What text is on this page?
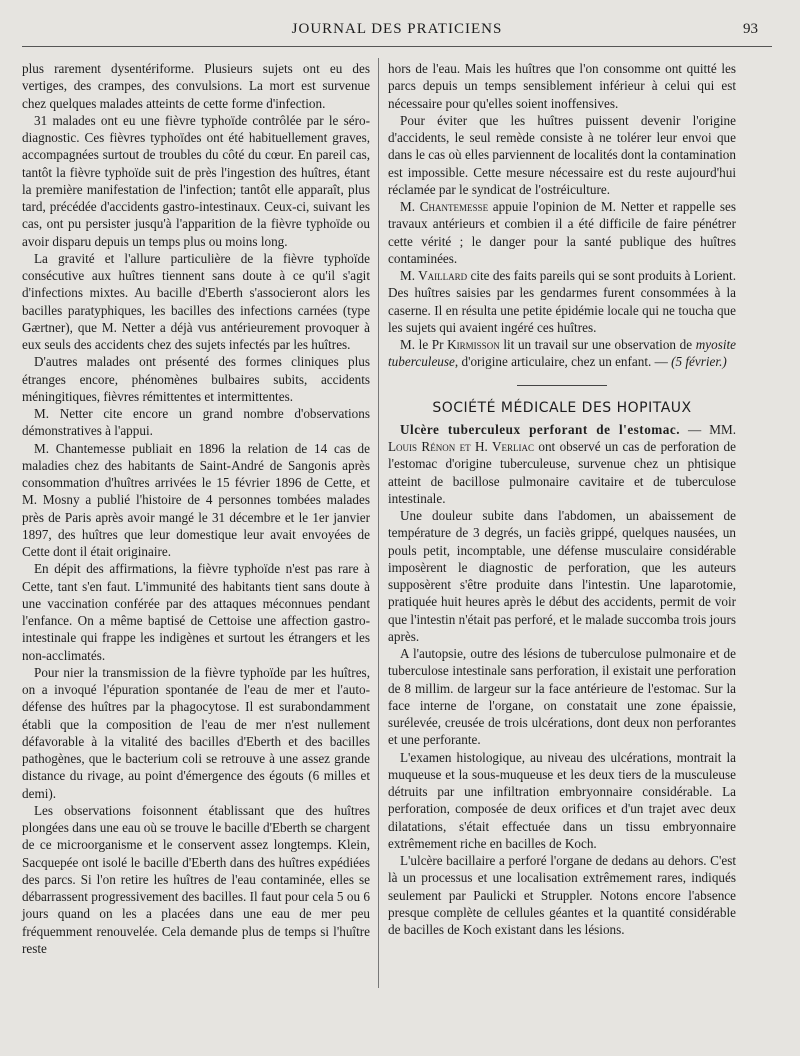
JOURNAL DES PRATICIENS	93

plus rarement dysentériforme. Plusieurs sujets ont eu des vertiges, des crampes, des convulsions. La mort est survenue chez quelques malades atteints de cette forme d'infection.

31 malades ont eu une fièvre typhoïde contrôlée par le séro-diagnostic. Ces fièvres typhoïdes ont été habituellement graves, accompagnées surtout de troubles du côté du cœur. En pareil cas, tantôt la fièvre typhoïde suit de près l'ingestion des huîtres, étant la première manifestation de l'infection; tantôt elle apparaît, plus tard, précédée d'accidents gastro-intestinaux. Ceux-ci, suivant les cas, ont pu persister jusqu'à l'apparition de la fièvre typhoïde ou avoir disparu depuis un temps plus ou moins long.

La gravité et l'allure particulière de la fièvre typhoïde consécutive aux huîtres tiennent sans doute à ce qu'il s'agit d'infections mixtes. Au bacille d'Eberth s'associeront alors les bacilles paratyphiques, les bacilles des infections carnées (type Gærtner), que M. Netter a déjà vus antérieurement provoquer à eux seuls des accidents chez des sujets infectés par les huîtres.

D'autres malades ont présenté des formes cliniques plus étranges encore, phénomènes bulbaires subits, accidents méningitiques, fièvres rémittentes et intermittentes.

M. Netter cite encore un grand nombre d'observations démonstratives à l'appui.

M. Chantemesse publiait en 1896 la relation de 14 cas de maladies chez des habitants de Saint-André de Sangonis après consommation d'huîtres arrivées le 15 février 1896 de Cette, et M. Mosny a publié l'histoire de 4 personnes tombées malades près de Paris après avoir mangé le 31 décembre et le 1er janvier 1897, des huîtres que leur domestique leur avait envoyées de Cette dont il était originaire.

En dépit des affirmations, la fièvre typhoïde n'est pas rare à Cette, tant s'en faut. L'immunité des habitants tient sans doute à une vaccination conférée par des attaques méconnues pendant l'enfance. On a même baptisé de Cettoise une affection gastro-intestinale qui frappe les indigènes et surtout les étrangers et les non-acclimatés.

Pour nier la transmission de la fièvre typhoïde par les huîtres, on a invoqué l'épuration spontanée de l'eau de mer et l'auto-défense des huîtres par la phagocytose. Il est surabondamment établi que la composition de l'eau de mer n'est nullement défavorable à la vitalité des bacilles d'Eberth et des bacilles pathogènes, que le bacterium coli se retrouve à une assez grande distance du rivage, au point d'émergence des égouts (6 milles et demi).

Les observations foisonnent établissant que des huîtres plongées dans une eau où se trouve le bacille d'Eberth se chargent de ce microorganisme et le conservent assez longtemps. Klein, Sacquepée ont isolé le bacille d'Eberth dans des huîtres expédiées des parcs. Si l'on retire les huîtres de l'eau contaminée, elles se débarrassent progressivement des bacilles. Il faut pour cela 5 ou 6 jours quand on les a placées dans une eau de mer peu fréquemment renouvelée. Cela demande plus de temps si l'huître reste

hors de l'eau. Mais les huîtres que l'on consomme ont quitté les parcs depuis un temps sensiblement inférieur à celui qui est nécessaire pour qu'elles soient inoffensives.

Pour éviter que les huîtres puissent devenir l'origine d'accidents, le seul remède consiste à ne tolérer leur envoi que dans le cas où elles parviennent de localités dont la contamination est impossible. Cette mesure nécessaire est du reste aujourd'hui réclamée par le syndicat de l'ostréiculture.

M. Chantemesse appuie l'opinion de M. Netter et rappelle ses travaux antérieurs et combien il a été difficile de faire pénétrer cette vérité ; le danger pour la santé publique des huîtres contaminées.

M. Vaillard cite des faits pareils qui se sont produits à Lorient. Des huîtres saisies par les gendarmes furent consommées à la caserne. Il en résulta une petite épidémie locale qui ne toucha que les sujets qui avaient ingéré ces huîtres.

M. le Pr Kirmisson lit un travail sur une observation de myosite tuberculeuse, d'origine articulaire, chez un enfant. — (5 février.)

SOCIÉTÉ MÉDICALE DES HOPITAUX

Ulcère tuberculeux perforant de l'estomac. — MM. Louis Rénon et H. Verliac ont observé un cas de perforation de l'estomac d'origine tuberculeuse, survenue chez un phtisique atteint de bacillose pulmonaire cavitaire et de tuberculose intestinale.

Une douleur subite dans l'abdomen, un abaissement de température de 3 degrés, un faciès grippé, quelques nausées, un pouls petit, incomptable, une défense musculaire considérable imposèrent le diagnostic de perforation, que les auteurs supposèrent s'être produite dans l'intestin. Une laparotomie, pratiquée huit heures après le début des accidents, permit de voir que l'intestin n'était pas perforé, et le malade succomba trois jours après.

A l'autopsie, outre des lésions de tuberculose pulmonaire et de tuberculose intestinale sans perforation, il existait une perforation de 8 millim. de largeur sur la face antérieure de l'estomac. Sur la face interne de l'organe, on constatait une zone épaissie, surélevée, creusée de trois ulcérations, dont deux non perforantes et une perforante.

L'examen histologique, au niveau des ulcérations, montrait la muqueuse et la sous-muqueuse et les deux tiers de la musculeuse détruits par une infiltration embryonnaire considérable. La perforation, composée de deux orifices et d'un trajet avec deux dilatations, s'était effectuée dans un tissu embryonnaire extrêmement riche en bacilles de Koch.

L'ulcère bacillaire a perforé l'organe de dedans au dehors. C'est là un processus et une localisation extrêmement rares, indiqués seulement par Paulicki et Struppler. Notons encore l'absence presque complète de cellules géantes et la quantité considérable de bacilles de Koch existant dans les lésions.
